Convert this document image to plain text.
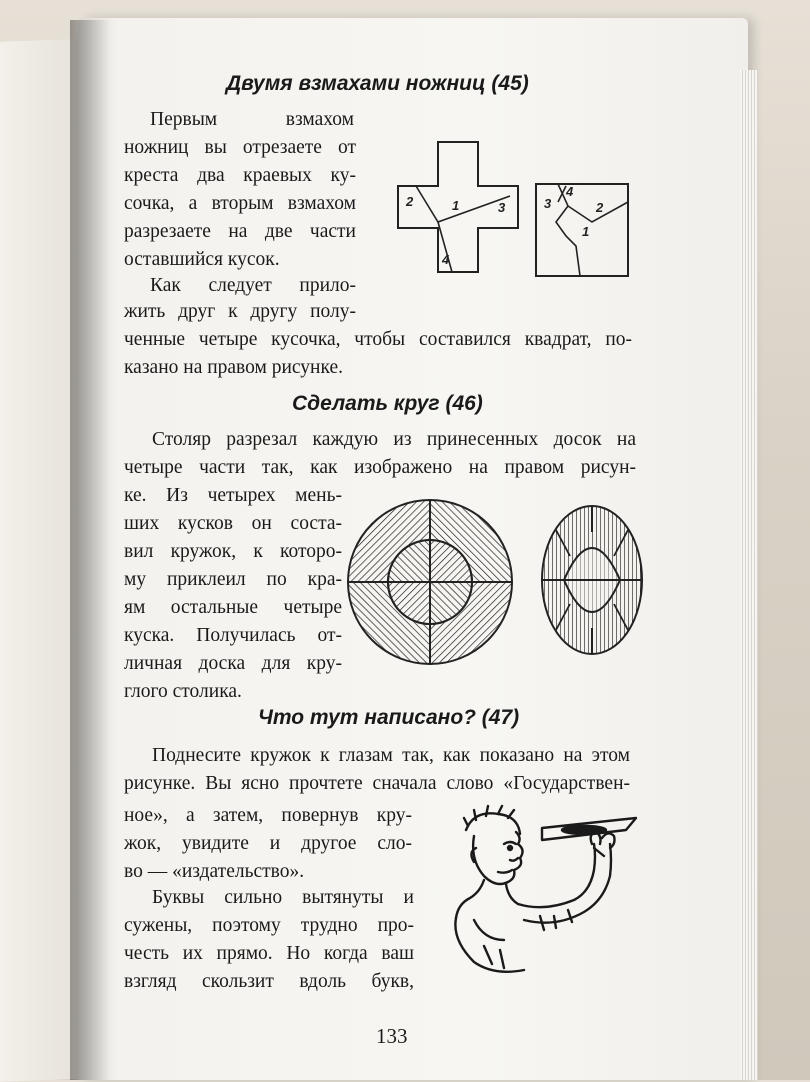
Двумя взмахами ножниц (45)
Первым взмахом
ножниц вы отрезаете от
креста два краевых ку-
сочка, а вторым взмахом
разрезаете на две части
оставшийся кусок.
Как следует прило-
жить друг к другу полу-
ченные четыре кусочка, чтобы составился квадрат, по-
казано на правом рисунке.
2	1	3
4
3
4
2
1
Сделать круг (46)
Столяр разрезал каждую из принесенных досок на
четыре части так, как изображено на правом рисун-
ке. Из четырех мень-
ших кусков он соста-
вил кружок, к которо-
му приклеил по кра-
ям остальные четыре
куска. Получилась от-
личная доска для кру-
глого столика.
Что тут написано? (47)
Поднесите кружок к глазам так, как показано на этом
рисунке. Вы ясно прочтете сначала слово «Государствен-
ное», а затем, повернув кру-
жок, увидите и другое сло-
во — «издательство».
Буквы сильно вытянуты и
сужены, поэтому трудно про-
честь их прямо. Но когда ваш
взгляд скользит вдоль букв,
133
